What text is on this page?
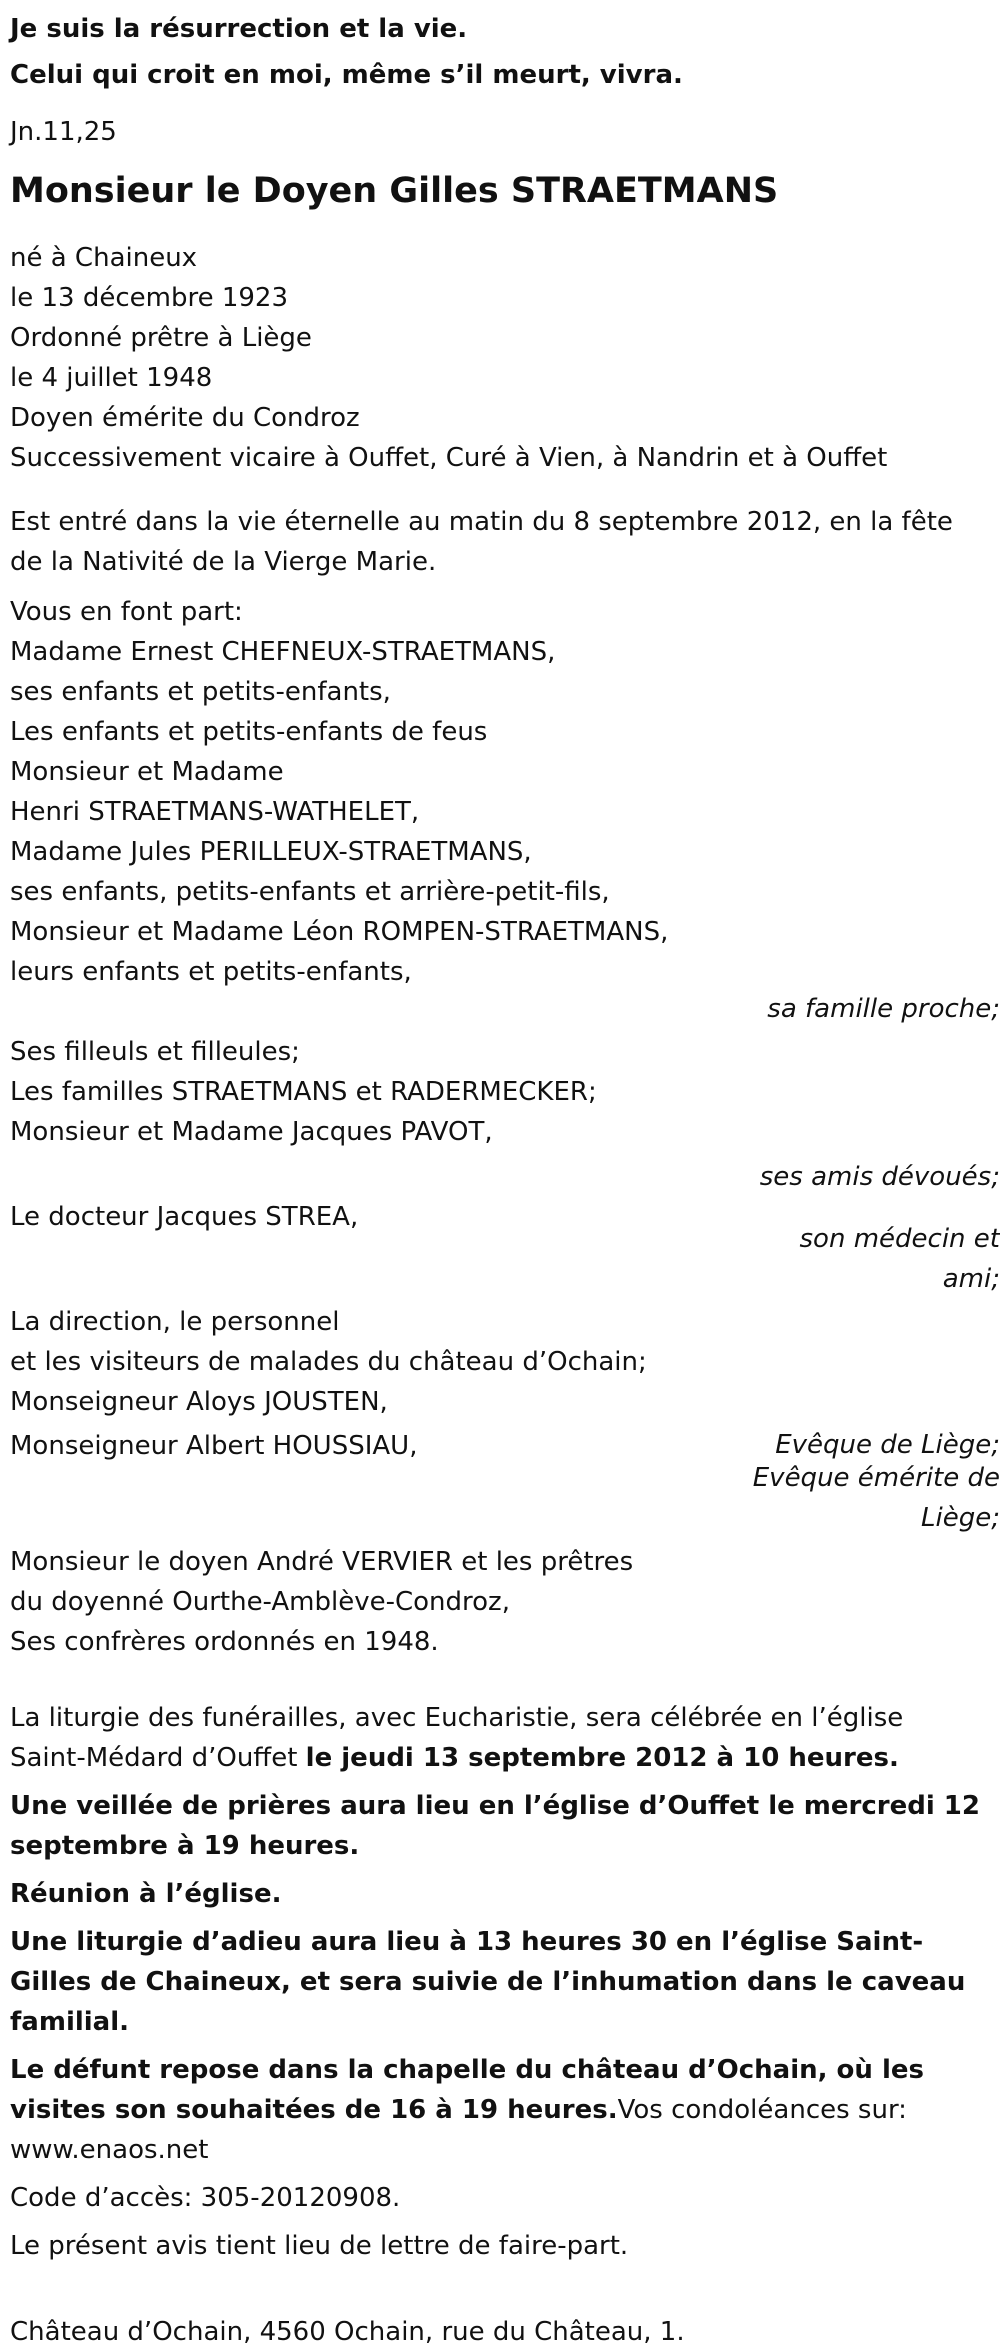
Je suis la résurrection et la vie.

Celui qui croit en moi, même s’il meurt, vivra.

Jn.11,25

Monsieur le Doyen Gilles STRAETMANS

né à Chaineux

le 13 décembre 1923

Ordonné prêtre à Liège

le 4 juillet 1948

Doyen émérite du Condroz

Successivement vicaire à Ouffet, Curé à Vien, à Nandrin et à Ouffet

Est entré dans la vie éternelle au matin du 8 septembre 2012, en la fête

de la Nativité de la Vierge Marie.

Vous en font part:

Madame Ernest CHEFNEUX-STRAETMANS,

ses enfants et petits-enfants,

Les enfants et petits-enfants de feus

Monsieur et Madame

Henri STRAETMANS-WATHELET,

Madame Jules PERILLEUX-STRAETMANS,

ses enfants, petits-enfants et arrière-petit-fils,

Monsieur et Madame Léon ROMPEN-STRAETMANS,

leurs enfants et petits-enfants,

sa famille proche;

Ses filleuls et filleules;

Les familles STRAETMANS et RADERMECKER;

Monsieur et Madame Jacques PAVOT,

ses amis dévoués;

Le docteur Jacques STREA,

son médecin et
ami;

La direction, le personnel

et les visiteurs de malades du château d’Ochain;

Monseigneur Aloys JOUSTEN,

Evêque de Liège;

Monseigneur Albert HOUSSIAU,

Evêque émérite de
Liège;

Monsieur le doyen André VERVIER et les prêtres

du doyenné Ourthe-Amblève-Condroz,

Ses confrères ordonnés en 1948.

La liturgie des funérailles, avec Eucharistie, sera célébrée en l’église

Saint-Médard d’Ouffet le jeudi 13 septembre 2012 à 10 heures.

Une veillée de prières aura lieu en l’église d’Ouffet le mercredi 12 septembre à 19 heures.

Réunion à l’église.

Une liturgie d’adieu aura lieu à 13 heures 30 en l’église Saint-Gilles de Chaineux, et sera suivie de l’inhumation dans le caveau familial.

Le défunt repose dans la chapelle du château d’Ochain, où les visites son souhaitées de 16 à 19 heures.Vos condoléances sur: www.enaos.net

Code d’accès: 305-20120908.

Le présent avis tient lieu de lettre de faire-part.

Château d’Ochain, 4560 Ochain, rue du Château, 1.
